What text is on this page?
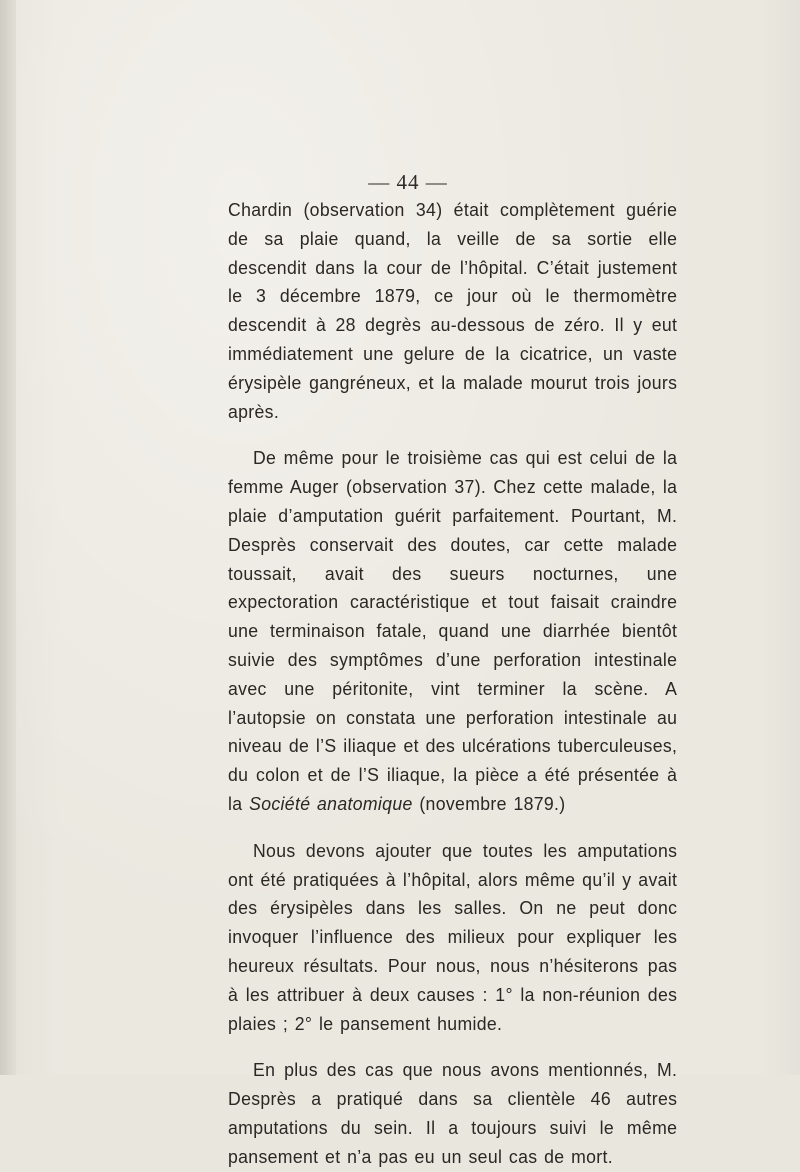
— 44 —

Chardin (observation 34) était complètement guérie de sa plaie quand, la veille de sa sortie elle descendit dans la cour de l’hôpital. C’était justement le 3 décembre 1879, ce jour où le thermomètre descendit à 28 degrès au-dessous de zéro. Il y eut immédiatement une gelure de la cicatrice, un vaste érysipèle gangréneux, et la malade mourut trois jours après.

De même pour le troisième cas qui est celui de la femme Auger (observation 37). Chez cette malade, la plaie d’amputation guérit parfaitement. Pourtant, M. Desprès conservait des doutes, car cette malade toussait, avait des sueurs nocturnes, une expectoration caractéristique et tout faisait craindre une terminaison fatale, quand une diarrhée bientôt suivie des symptômes d’une perforation intestinale avec une péritonite, vint terminer la scène. A l’autopsie on constata une perforation intestinale au niveau de l’S iliaque et des ulcérations tuberculeuses, du colon et de l’S iliaque, la pièce a été présentée à la Société anatomique (novembre 1879.)

Nous devons ajouter que toutes les amputations ont été pratiquées à l’hôpital, alors même qu’il y avait des érysipèles dans les salles. On ne peut donc invoquer l’influence des milieux pour expliquer les heureux résultats. Pour nous, nous n’hésiterons pas à les attribuer à deux causes : 1° la non-réunion des plaies ; 2° le pansement humide.

En plus des cas que nous avons mentionnés, M. Desprès a pratiqué dans sa clientèle 46 autres amputations du sein. Il a toujours suivi le même pansement et n’a pas eu un seul cas de mort.
